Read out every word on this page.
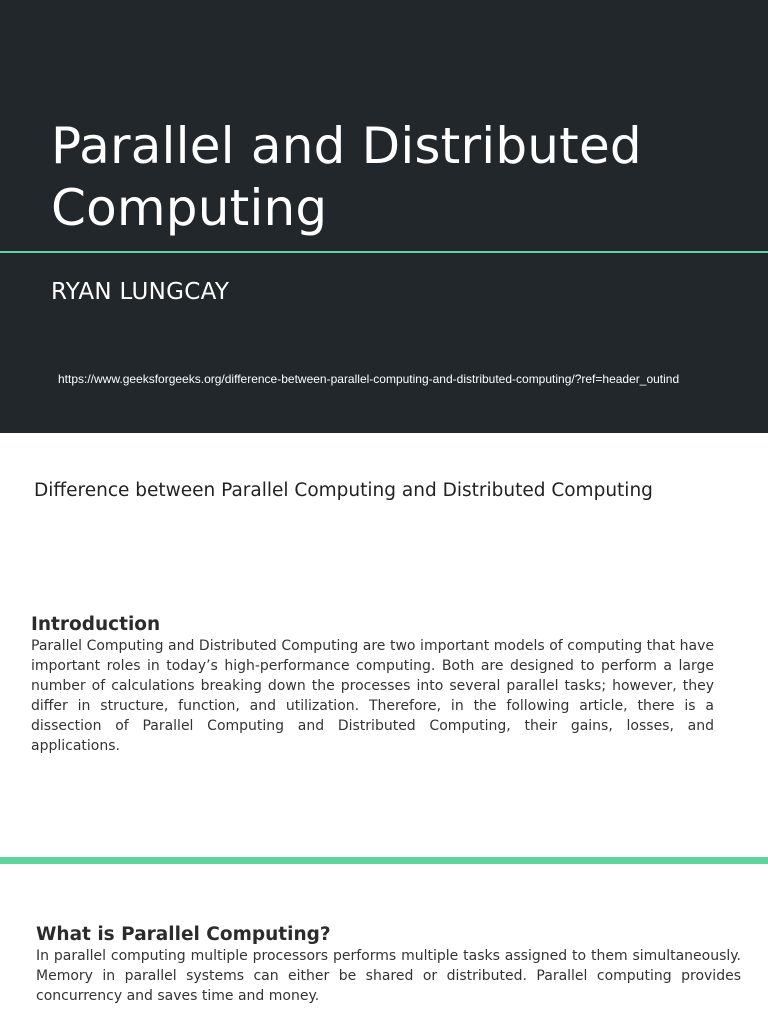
Parallel and Distributed Computing
RYAN LUNGCAY
https://www.geeksforgeeks.org/difference-between-parallel-computing-and-distributed-computing/?ref=header_outind
Difference between Parallel Computing and Distributed Computing
Introduction

Parallel Computing and Distributed Computing are two important models of computing that have important roles in today’s high-performance computing. Both are designed to perform a large number of calculations breaking down the processes into several parallel tasks; however, they differ in structure, function, and utilization. Therefore, in the following article, there is a dissection of Parallel Computing and Distributed Computing, their gains, losses, and applications.

What is Parallel Computing?

In parallel computing multiple processors performs multiple tasks assigned to them simultaneously. Memory in parallel systems can either be shared or distributed. Parallel computing provides concurrency and saves time and money.
